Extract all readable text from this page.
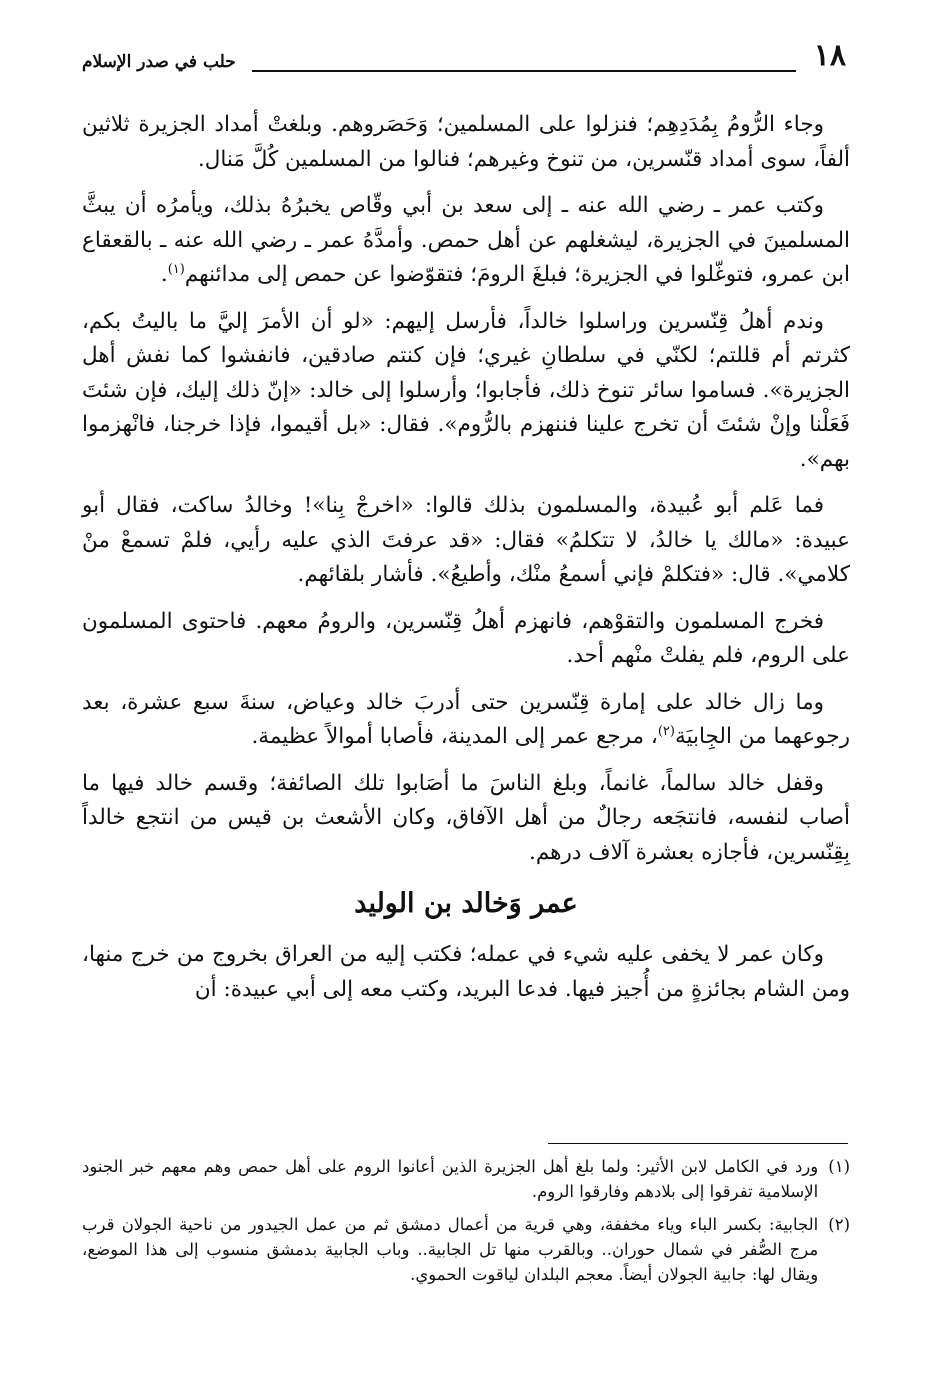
١٨
حلب في صدر الإسلام

وجاء الرُّومُ بِمُدَدِهِم؛ فنزلوا على المسلمين؛ وَحَصَروهم. وبلغتْ أمداد الجزيرة ثلاثين ألفاً، سوى أمداد قنّسرين، من تنوخ وغيرهم؛ فنالوا من المسلمين كُلَّ مَنال.

وكتب عمر ـ رضي الله عنه ـ إلى سعد بن أبي وقّاص يخبرُهُ بذلك، ويأمرُه أن يبثَّ المسلمينَ في الجزيرة، ليشغلهم عن أهل حمص. وأمدَّهُ عمر ـ رضي الله عنه ـ بالقعقاع ابن عمرو، فتوغّلوا في الجزيرة؛ فبلغَ الرومَ؛ فتقوّضوا عن حمص إلى مدائنهم$^{(١)}$.

وندم أهلُ قِنّسرين وراسلوا خالداً، فأرسل إليهم: «لو أن الأمرَ إليَّ ما باليتُ بكم، كثرتم أم قللتم؛ لكنّي في سلطانِ غيري؛ فإن كنتم صادقين، فانفشوا كما نفش أهل الجزيرة». فساموا سائر تنوخ ذلك، فأجابوا؛ وأرسلوا إلى خالد: «إنّ ذلك إليك، فإن شئتَ فَعَلْنا وإنْ شئتَ أن تخرج علينا فننهزم بالرُّوم». فقال: «بل أقيموا، فإذا خرجنا، فانْهزموا بهم».

فما عَلم أبو عُبيدة، والمسلمون بذلك قالوا: «اخرجْ بِنا»! وخالدُ ساكت، فقال أبو عبيدة: «مالك يا خالدُ، لا تتكلمُ» فقال: «قد عرفتَ الذي عليه رأيي، فلمْ تسمعْ منْ كلامي». قال: «فتكلمْ فإني أسمعُ منْك، وأطيعُ». فأشار بلقائهم.

فخرج المسلمون والتقوْهم، فانهزم أهلُ قِنّسرين، والرومُ معهم. فاحتوى المسلمون على الروم، فلم يفلتْ منْهم أحد.

وما زال خالد على إمارة قِنّسرين حتى أدربَ خالد وعياض، سنةَ سبع عشرة، بعد رجوعهما من الجِابيَة$^{(٢)}$، مرجع عمر إلى المدينة، فأصابا أموالاً عظيمة.

وقفل خالد سالماً، غانماً، وبلغ الناسَ ما أصَابوا تلك الصائفة؛ وقسم خالد فيها ما أصاب لنفسه، فانتجَعه رجالٌ من أهل الآفاق، وكان الأشعث بن قيس من انتجع خالداً بِقِنّسرين، فأجازه بعشرة آلاف درهم.

عمر وَخالد بن الوليد

وكان عمر لا يخفى عليه شيء في عمله؛ فكتب إليه من العراق بخروج من خرج منها، ومن الشام بجائزةٍ من أُجيز فيها. فدعا البريد، وكتب معه إلى أبي عبيدة: أن

(١)
ورد في الكامل لابن الأثير: ولما بلغ أهل الجزيرة الذين أعانوا الروم على أهل حمص وهم معهم خبر الجنود الإسلامية تفرقوا إلى بلادهم وفارقوا الروم.
(٢)
الجابية: بكسر الباء وياء مخففة، وهي قرية من أعمال دمشق ثم من عمل الجيدور من ناحية الجولان قرب مرج الصُّفر في شمال حوران.. وبالقرب منها تل الجابية.. وباب الجابية بدمشق منسوب إلى هذا الموضع، ويقال لها: جابية الجولان أيضاً. معجم البلدان لياقوت الحموي.
